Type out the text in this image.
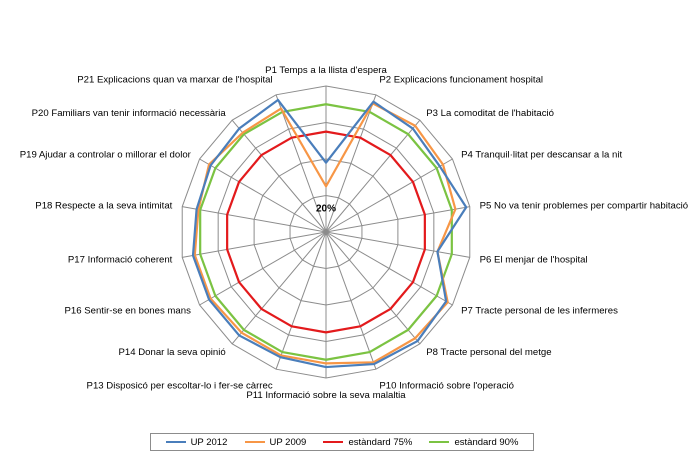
P1 Temps a la llista d'espera
P2 Explicacions funcionament hospital
P3 La comoditat de l'habitació
P4 Tranquil·litat per descansar a la nit
P5 No va tenir problemes per compartir habitació
P6 El menjar de l'hospital
P7 Tracte personal de les infermeres
P8 Tracte personal del metge
P10 Informació sobre l'operació
P11 Informació sobre la seva malaltia
P13 Disposicó per escoltar-lo i fer-se càrrec
P14 Donar la seva opinió
P16 Sentir-se en bones mans
P17 Informació coherent
P18 Respecte a la seva intimitat
P19 Ajudar a controlar o millorar el dolor
P20 Familiars van tenir informació necessària
P21 Explicacions quan va marxar de l'hospital
20%
UP 2012	UP 2009	estàndard 75%	estàndard 90%
